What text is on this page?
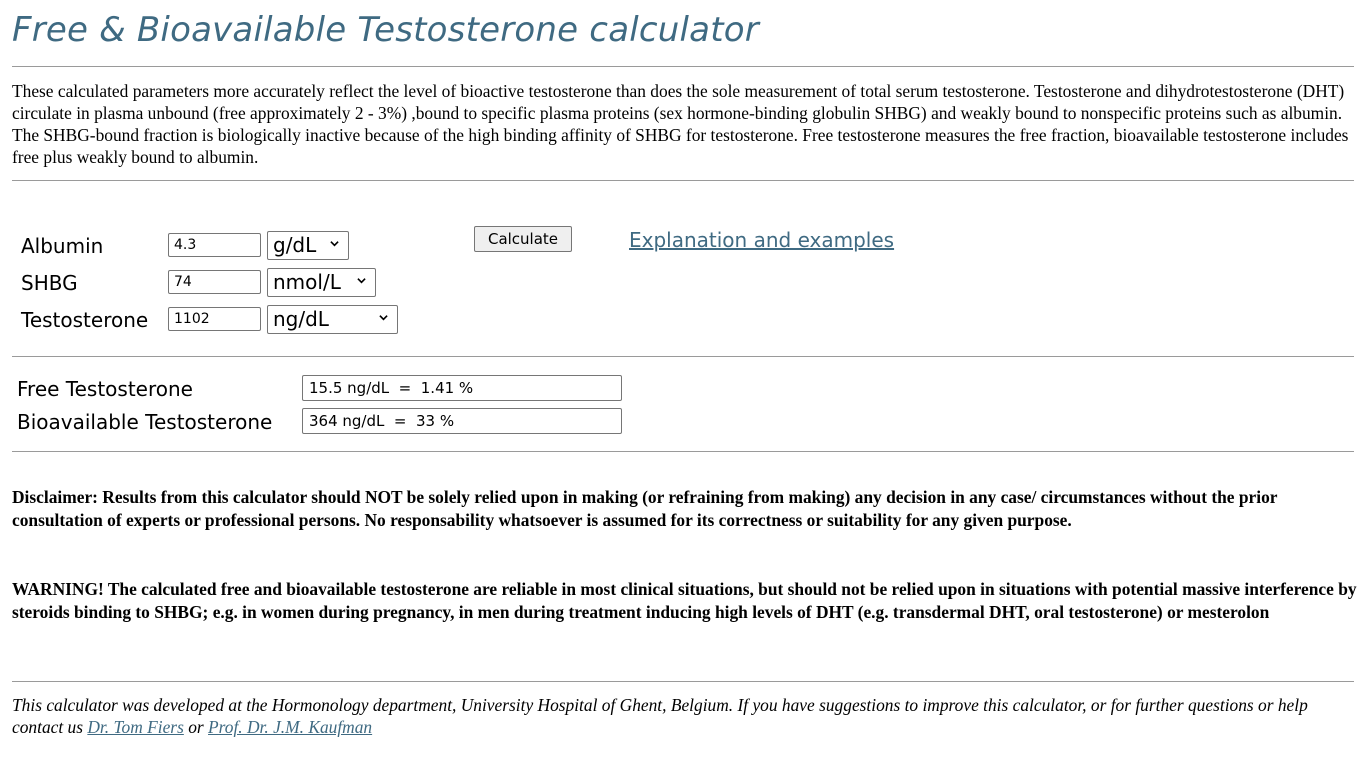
Free & Bioavailable Testosterone calculator

These calculated parameters more accurately reflect the level of bioactive testosterone than does the sole measurement of total serum testosterone. Testosterone and dihydrotestosterone (DHT) circulate in plasma unbound (free approximately 2 - 3%) ,bound to specific plasma proteins (sex hormone-binding globulin SHBG) and weakly bound to nonspecific proteins such as albumin. The SHBG-bound fraction is biologically inactive because of the high binding affinity of SHBG for testosterone. Free testosterone measures the free fraction, bioavailable testosterone includes free plus weakly bound to albumin.

Albumin
4.3	g/dL
SHBG
74	nmol/L
Testosterone
1102	ng/dL
Calculate	Explanation and examples
Free Testosterone	15.5 ng/dL  =  1.41 %
Bioavailable Testosterone	364 ng/dL  =  33 %

Disclaimer: Results from this calculator should NOT be solely relied upon in making (or refraining from making) any decision in any case/ circumstances without the prior consultation of experts or professional persons. No responsability whatsoever is assumed for its correctness or suitability for any given purpose.

WARNING! The calculated free and bioavailable testosterone are reliable in most clinical situations, but should not be relied upon in situations with potential massive interference by steroids binding to SHBG; e.g. in women during pregnancy, in men during treatment inducing high levels of DHT (e.g. transdermal DHT, oral testosterone) or mesterolon

This calculator was developed at the Hormonology department, University Hospital of Ghent, Belgium. If you have suggestions to improve this calculator, or for further questions or help contact us Dr. Tom Fiers or Prof. Dr. J.M. Kaufman
